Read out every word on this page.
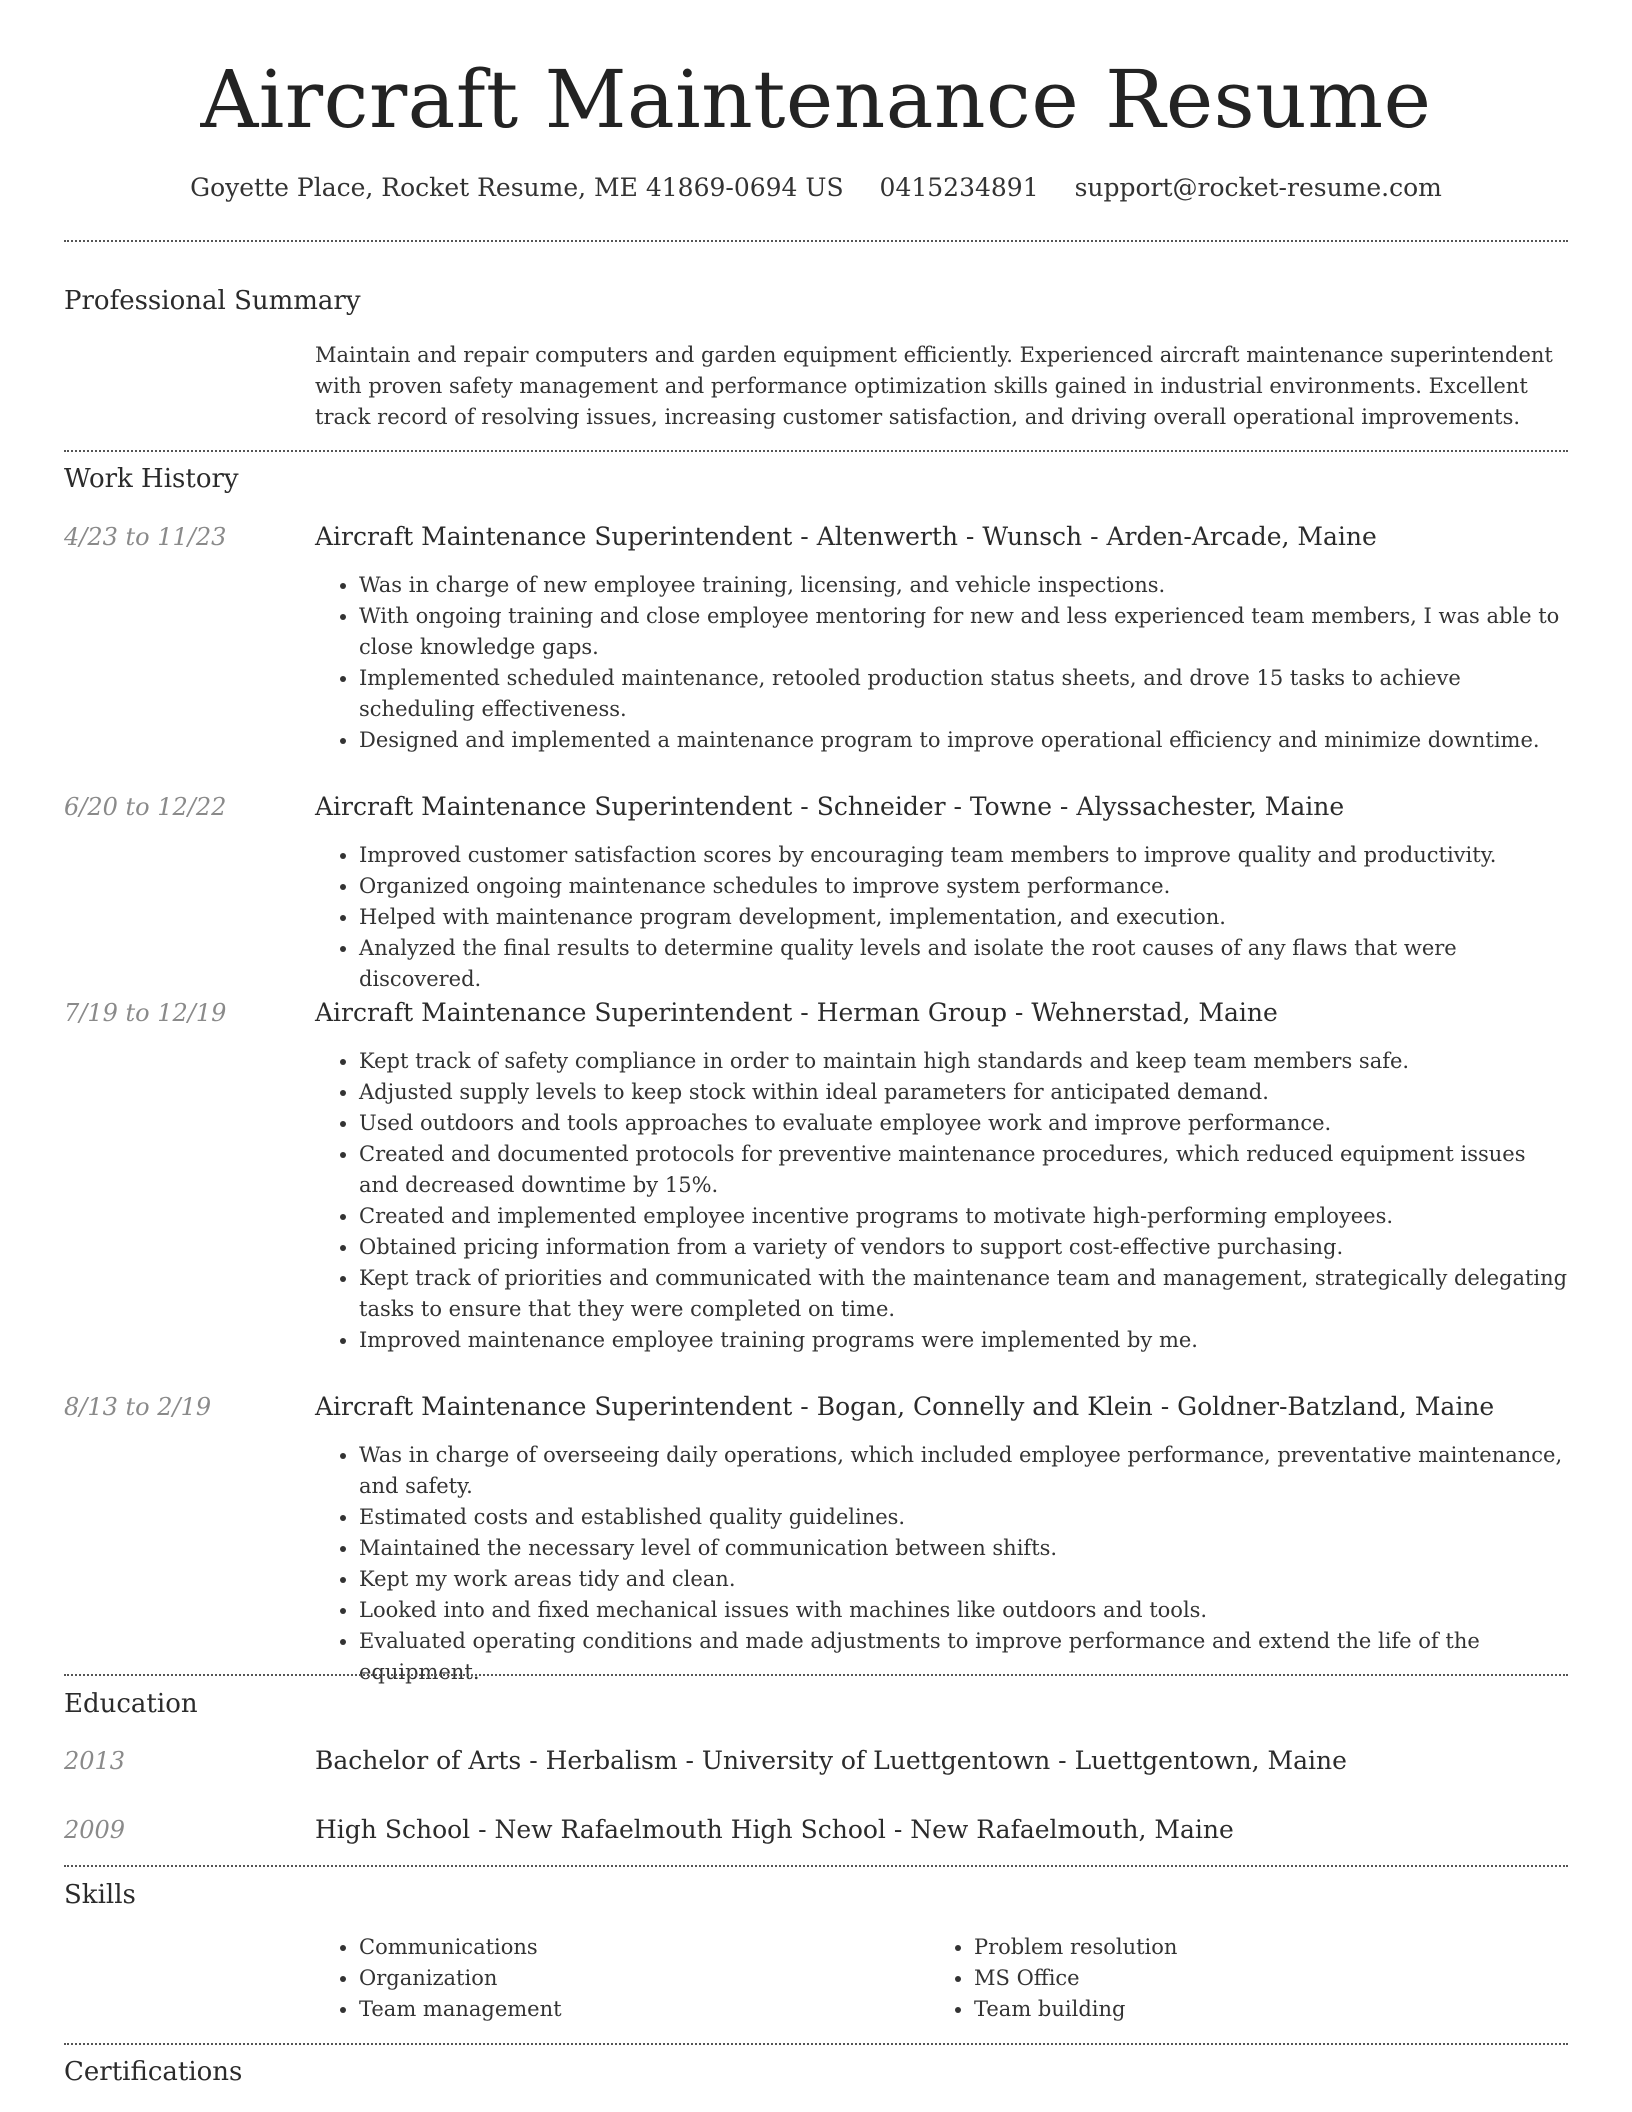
Aircraft Maintenance Resume
Goyette Place, Rocket Resume, ME 41869-0694 US 0415234891 support@rocket-resume.com
Professional Summary
Maintain and repair computers and garden equipment efficiently. Experienced aircraft maintenance superintendent with proven safety management and performance optimization skills gained in industrial environments. Excellent track record of resolving issues, increasing customer satisfaction, and driving overall operational improvements.
Work History
4/23 to 11/23	Aircraft Maintenance Superintendent - Altenwerth - Wunsch - Arden-Arcade, Maine
• Was in charge of new employee training, licensing, and vehicle inspections.
• With ongoing training and close employee mentoring for new and less experienced team members, I was able to close knowledge gaps.
• Implemented scheduled maintenance, retooled production status sheets, and drove 15 tasks to achieve scheduling effectiveness.
• Designed and implemented a maintenance program to improve operational efficiency and minimize downtime.
6/20 to 12/22	Aircraft Maintenance Superintendent - Schneider - Towne - Alyssachester, Maine
• Improved customer satisfaction scores by encouraging team members to improve quality and productivity.
• Organized ongoing maintenance schedules to improve system performance.
• Helped with maintenance program development, implementation, and execution.
• Analyzed the final results to determine quality levels and isolate the root causes of any flaws that were discovered.
7/19 to 12/19	Aircraft Maintenance Superintendent - Herman Group - Wehnerstad, Maine
• Kept track of safety compliance in order to maintain high standards and keep team members safe.
• Adjusted supply levels to keep stock within ideal parameters for anticipated demand.
• Used outdoors and tools approaches to evaluate employee work and improve performance.
• Created and documented protocols for preventive maintenance procedures, which reduced equipment issues and decreased downtime by 15%.
• Created and implemented employee incentive programs to motivate high-performing employees.
• Obtained pricing information from a variety of vendors to support cost-effective purchasing.
• Kept track of priorities and communicated with the maintenance team and management, strategically delegating tasks to ensure that they were completed on time.
• Improved maintenance employee training programs were implemented by me.
8/13 to 2/19	Aircraft Maintenance Superintendent - Bogan, Connelly and Klein - Goldner-Batzland, Maine
• Was in charge of overseeing daily operations, which included employee performance, preventative maintenance, and safety.
• Estimated costs and established quality guidelines.
• Maintained the necessary level of communication between shifts.
• Kept my work areas tidy and clean.
• Looked into and fixed mechanical issues with machines like outdoors and tools.
• Evaluated operating conditions and made adjustments to improve performance and extend the life of the equipment.
Education
2013	Bachelor of Arts - Herbalism - University of Luettgentown - Luettgentown, Maine
2009	High School - New Rafaelmouth High School - New Rafaelmouth, Maine
Skills
• Communications
• Organization
• Team management
• Problem resolution
• MS Office
• Team building
Certifications
